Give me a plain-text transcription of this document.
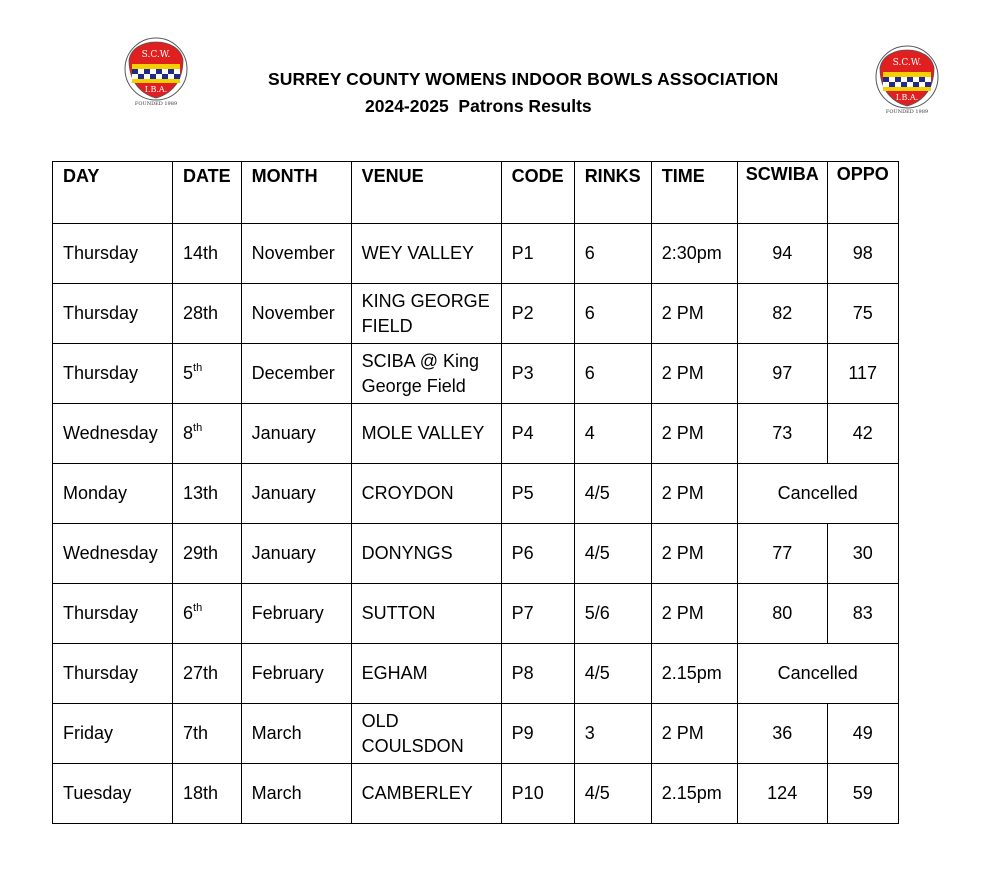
S.C.W.
I.B.A.
FOUNDED 1989
S.C.W.
I.B.A.
FOUNDED 1989
SURREY COUNTY WOMENS INDOOR BOWLS ASSOCIATION
2024-2025  Patrons Results
DAY	DATE	MONTH	VENUE	CODE	RINKS	TIME	SCWIBA	OPPO
Thursday	14th	November	WEY VALLEY	P1	6	2:30pm	94	98
Thursday	28th	November	KING GEORGE FIELD	P2	6	2 PM	82	75
Thursday	5th	December	SCIBA @ King George Field	P3	6	2 PM	97	117
Wednesday	8th	January	MOLE VALLEY	P4	4	2 PM	73	42
Monday	13th	January	CROYDON	P5	4/5	2 PM	Cancelled	
Wednesday	29th	January	DONYNGS	P6	4/5	2 PM	77	30
Thursday	6th	February	SUTTON	P7	5/6	2 PM	80	83
Thursday	27th	February	EGHAM	P8	4/5	2.15pm	Cancelled	
Friday	7th	March	OLD COULSDON	P9	3	2 PM	36	49
Tuesday	18th	March	CAMBERLEY	P10	4/5	2.15pm	124	59
